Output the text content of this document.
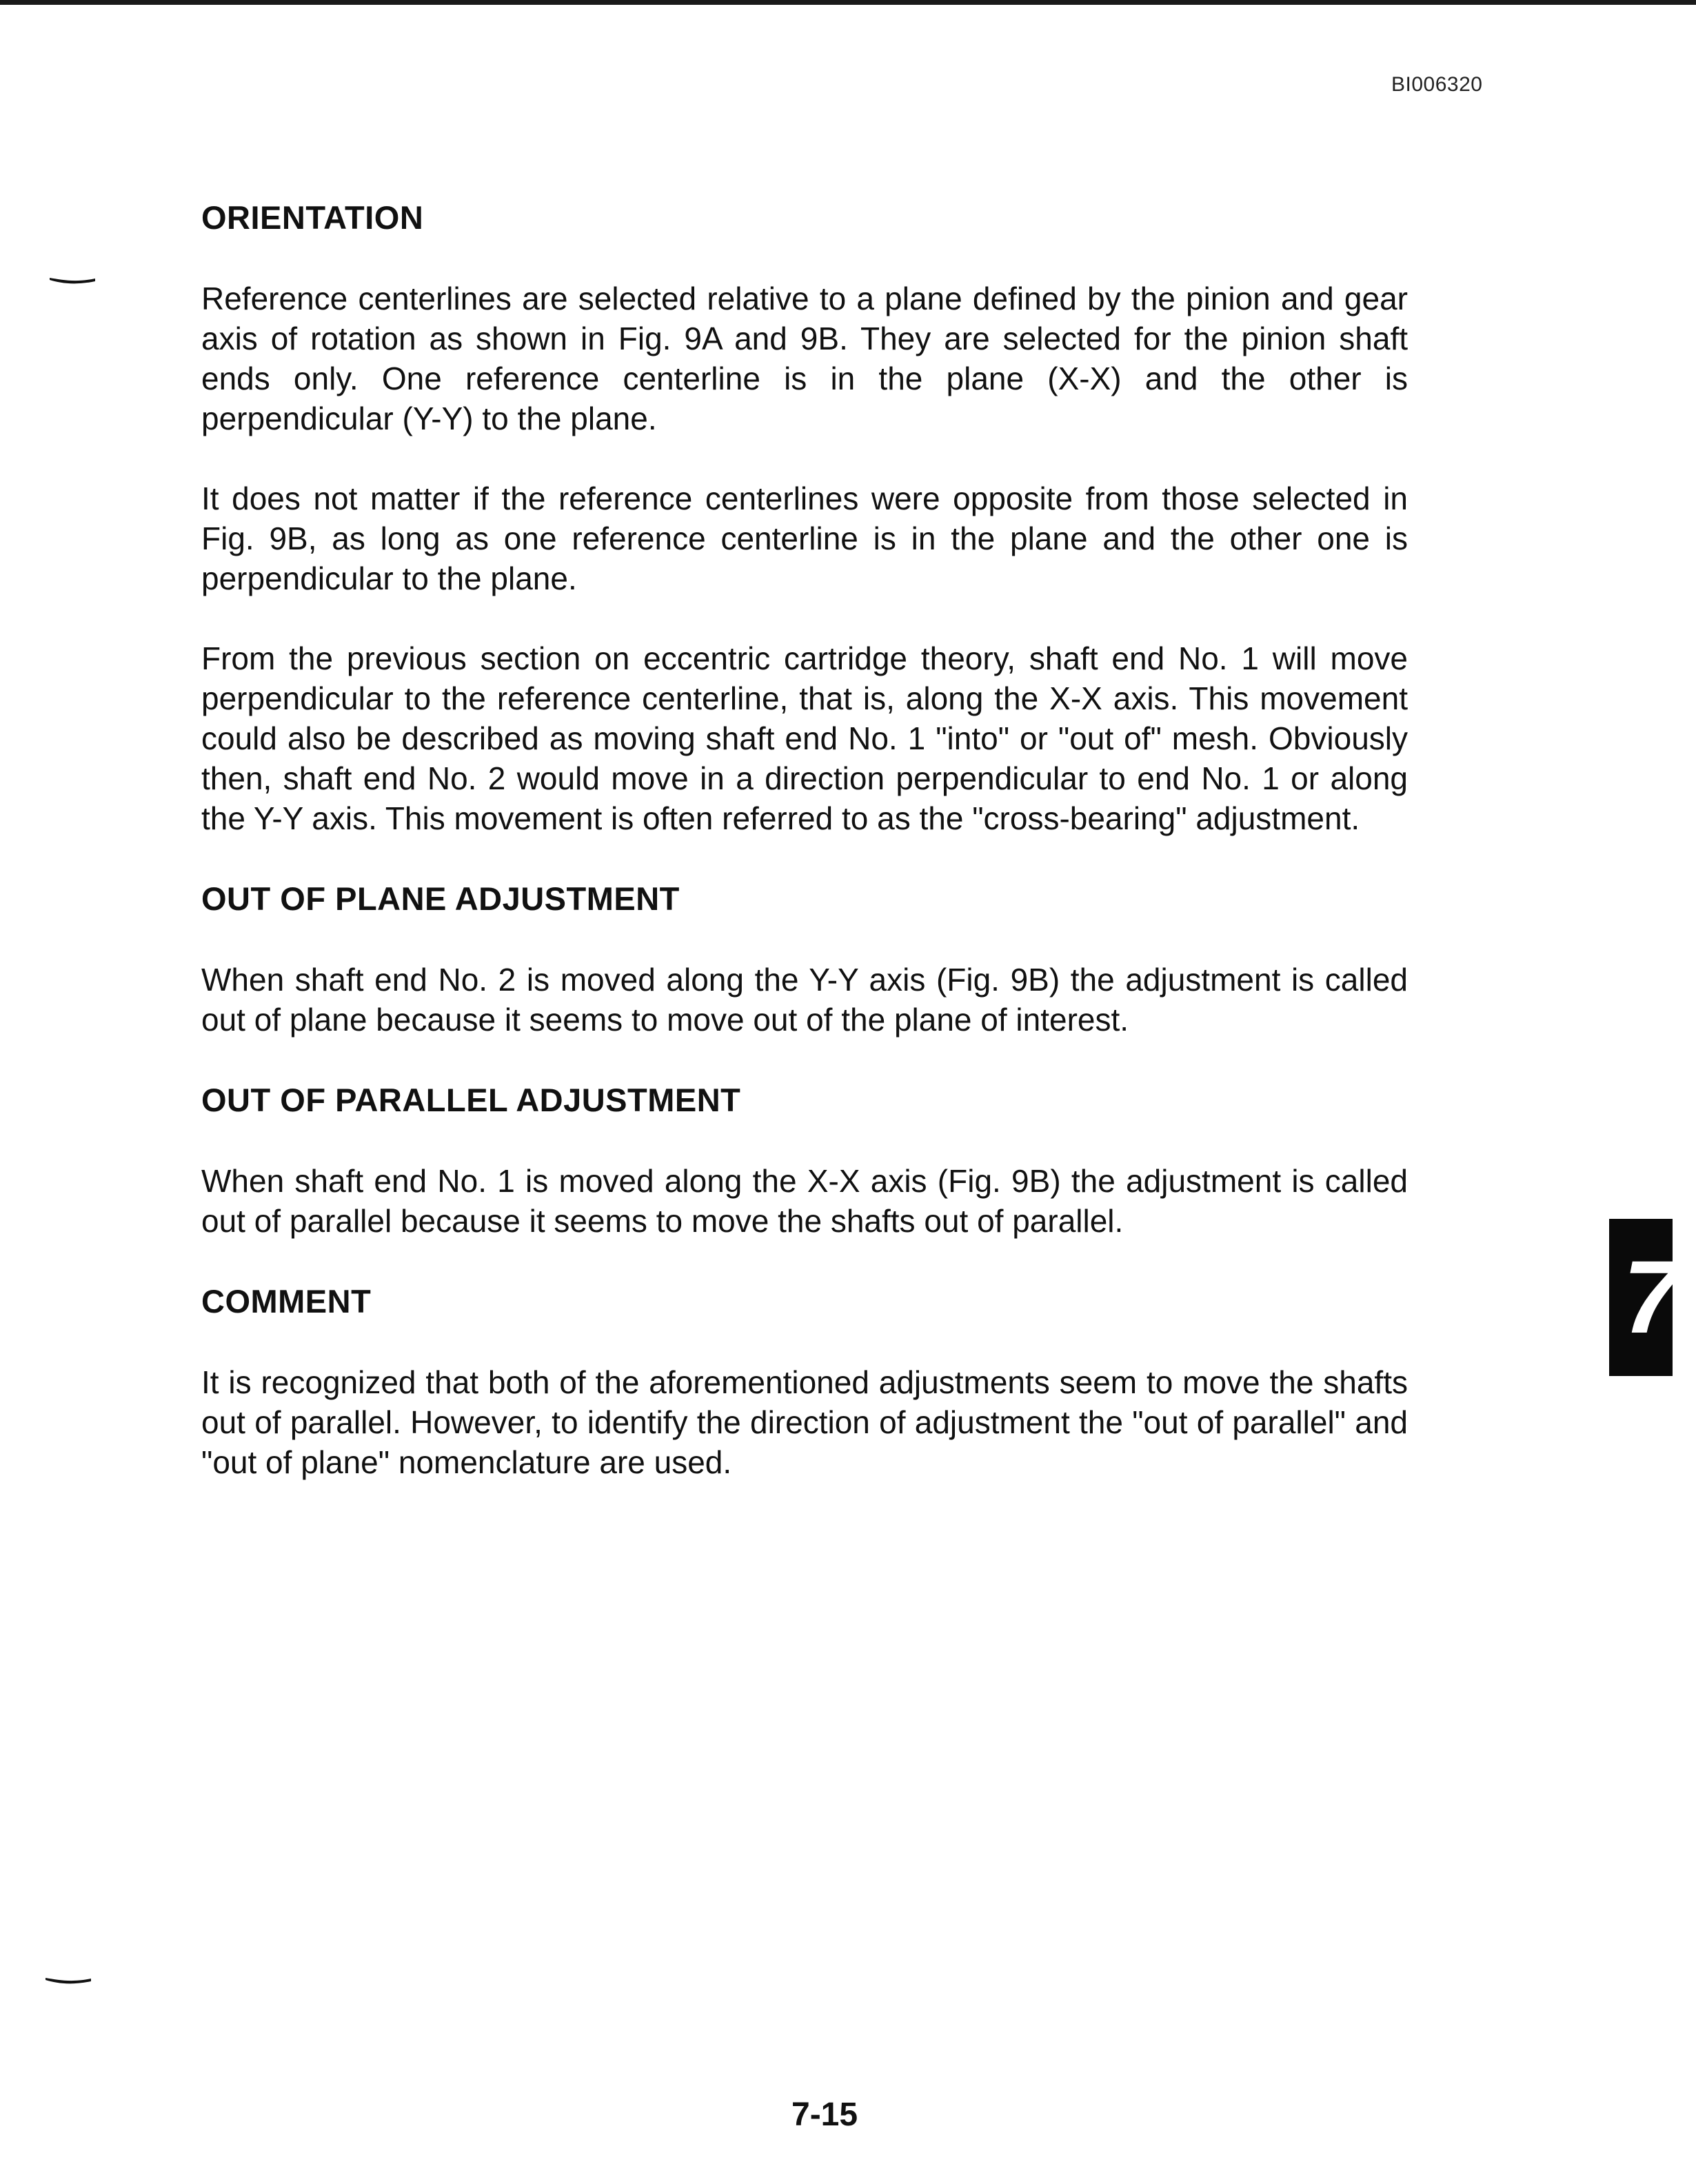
BI006320
ORIENTATION

Reference centerlines are selected relative to a plane defined by the pinion and gear axis of rotation as shown in Fig. 9A and 9B. They are selected for the pinion shaft ends only. One reference centerline is in the plane (X-X) and the other is perpendicular (Y-Y) to the plane.

It does not matter if the reference centerlines were opposite from those selected in Fig. 9B, as long as one reference centerline is in the plane and the other one is perpendicular to the plane.

From the previous section on eccentric cartridge theory, shaft end No. 1 will move perpendicular to the reference centerline, that is, along the X-X axis. This movement could also be described as moving shaft end No. 1 "into" or "out of" mesh. Obviously then, shaft end No. 2 would move in a direction perpendicular to end No. 1 or along the Y-Y axis. This movement is often referred to as the "cross-bearing" adjustment.

OUT OF PLANE ADJUSTMENT

When shaft end No. 2 is moved along the Y-Y axis (Fig. 9B) the adjustment is called out of plane because it seems to move out of the plane of interest.

OUT OF PARALLEL ADJUSTMENT

When shaft end No. 1 is moved along the X-X axis (Fig. 9B) the adjustment is called out of parallel because it seems to move the shafts out of parallel.

COMMENT

It is recognized that both of the aforementioned adjustments seem to move the shafts out of parallel. However, to identify the direction of adjustment the "out of parallel" and "out of plane" nomenclature are used.

7
7-15
